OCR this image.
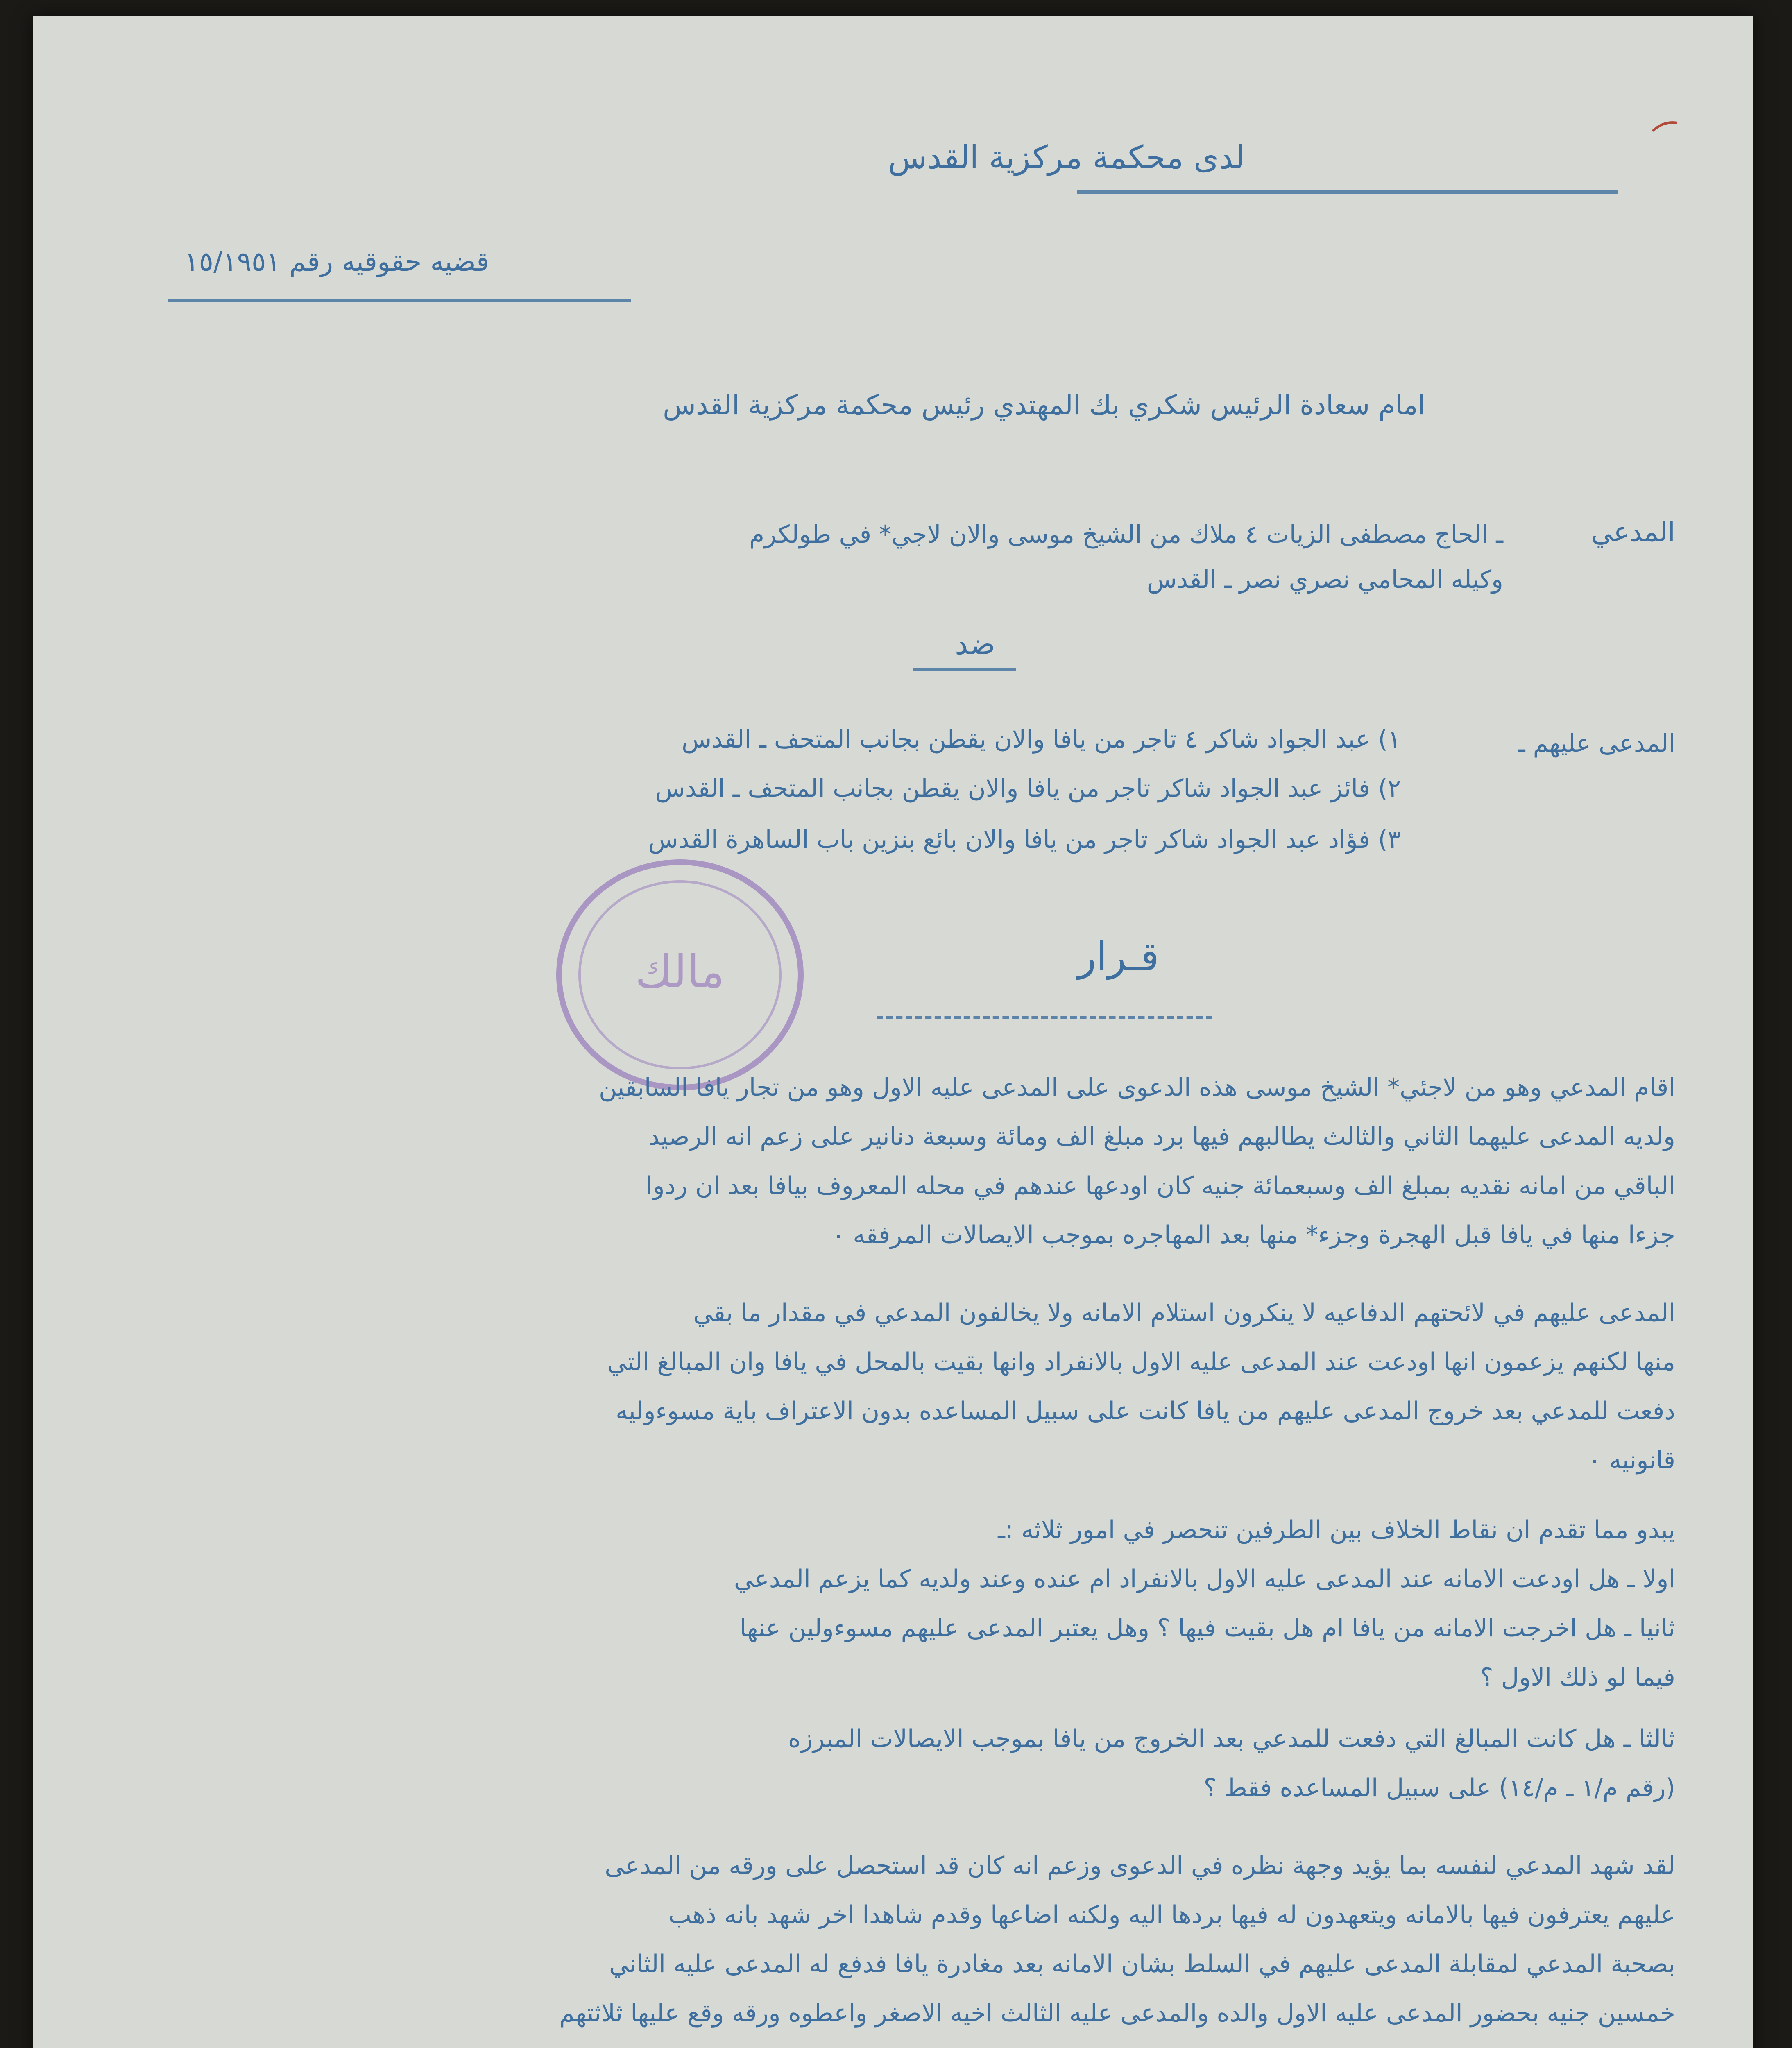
لدى محكمة مركزية القدس
قضيه حقوقيه رقم ١٥/١٩٥١
امام سعادة الرئيس شكري بك المهتدي رئيس محكمة مركزية القدس
المدعي
ـ الحاج مصطفى الزيات ٤ ملاك من الشيخ موسى والان لاجي* في طولكرم
وكيله المحامي نصري نصر ـ القدس
ضد
المدعى عليهم ـ
١) عبد الجواد شاكر ٤ تاجر من يافا والان يقطن بجانب المتحف ـ القدس
٢) فائز عبد الجواد شاكر تاجر من يافا والان يقطن بجانب المتحف ـ القدس
٣) فؤاد عبد الجواد شاكر تاجر من يافا والان بائع بنزين باب الساهرة القدس
مالك	قـرار
اقام المدعي وهو من لاجئي* الشيخ موسى هذه الدعوى على المدعى عليه الاول وهو من تجار يافا السابقين
ولديه المدعى عليهما الثاني والثالث يطالبهم فيها برد مبلغ الف ومائة وسبعة دنانير على زعم انه الرصيد
الباقي من امانه نقديه بمبلغ الف وسبعمائة جنيه كان اودعها عندهم في محله المعروف بيافا بعد ان ردوا
جزءا منها في يافا قبل الهجرة وجزء* منها بعد المهاجره بموجب الايصالات المرفقه ٠
المدعى عليهم في لائحتهم الدفاعيه لا ينكرون استلام الامانه ولا يخالفون المدعي في مقدار ما بقي
منها لكنهم يزعمون انها اودعت عند المدعى عليه الاول بالانفراد وانها بقيت بالمحل في يافا وان المبالغ التي
دفعت للمدعي بعد خروج المدعى عليهم من يافا كانت على سبيل المساعده بدون الاعتراف باية مسوءوليه
قانونيه ٠
يبدو مما تقدم ان نقاط الخلاف بين الطرفين تنحصر في امور ثلاثه :ـ
اولا ـ هل اودعت الامانه عند المدعى عليه الاول بالانفراد ام عنده وعند ولديه كما يزعم المدعي
ثانيا ـ هل اخرجت الامانه من يافا ام هل بقيت فيها ؟ وهل يعتبر المدعى عليهم مسوءولين عنها
فيما لو ذلك الاول ؟
ثالثا ـ هل كانت المبالغ التي دفعت للمدعي بعد الخروج من يافا بموجب الايصالات المبرزه
(رقم م/١ ـ م/١٤) على سبيل المساعده فقط ؟
لقد شهد المدعي لنفسه بما يؤيد وجهة نظره في الدعوى وزعم انه كان قد استحصل على ورقه من المدعى
عليهم يعترفون فيها بالامانه ويتعهدون له فيها بردها اليه ولكنه اضاعها وقدم شاهدا اخر شهد بانه ذهب
بصحبة المدعي لمقابلة المدعى عليهم في السلط بشان الامانه بعد مغادرة يافا فدفع له المدعى عليه الثاني
خمسين جنيه بحضور المدعى عليه الاول والده والمدعى عليه الثالث اخيه الاصغر واعطوه ورقه وقع عليها ثلاثتهم
